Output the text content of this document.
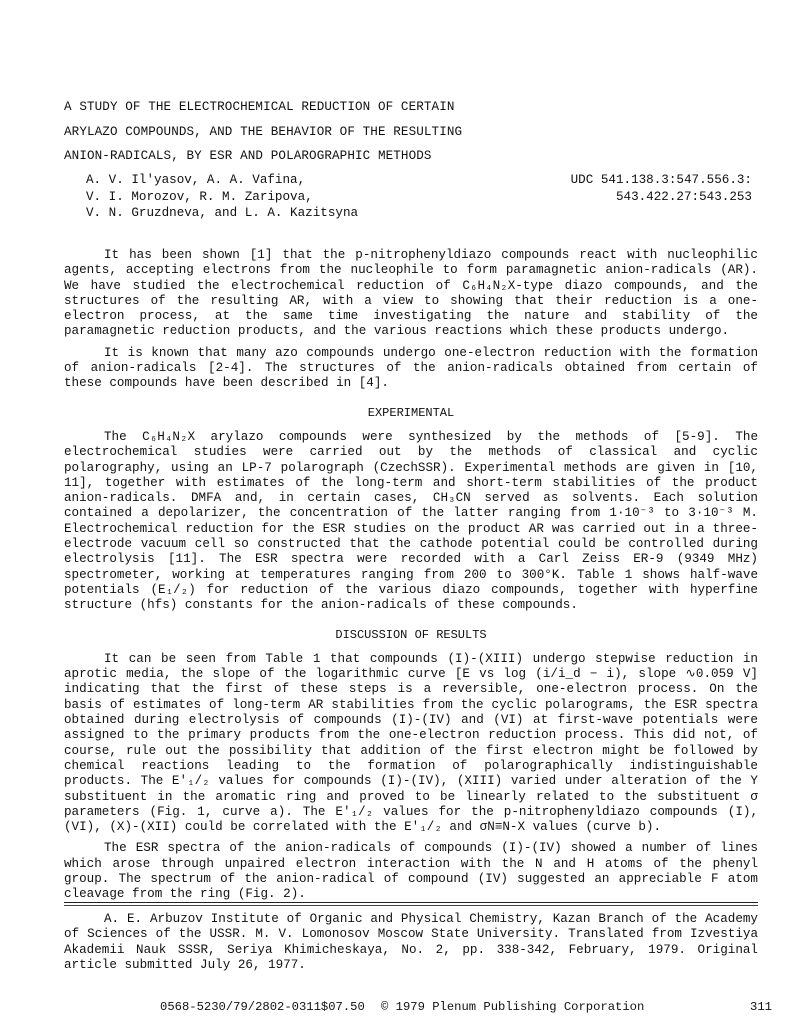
A STUDY OF THE ELECTROCHEMICAL REDUCTION OF CERTAIN
ARYLAZO COMPOUNDS, AND THE BEHAVIOR OF THE RESULTING
ANION-RADICALS, BY ESR AND POLAROGRAPHIC METHODS
A. V. Il'yasov, A. A. Vafina,
V. I. Morozov, R. M. Zaripova,
V. N. Gruzdneva, and L. A. Kazitsyna
UDC 541.138.3:547.556.3:
543.422.27:543.253

It has been shown [1] that the p-nitrophenyldiazo compounds react with nucleophilic agents, accepting electrons from the nucleophile to form paramagnetic anion-radicals (AR). We have studied the electrochemical reduction of C₆H₄N₂X-type diazo compounds, and the structures of the resulting AR, with a view to showing that their reduction is a one-electron process, at the same time investigating the nature and stability of the paramagnetic reduction products, and the various reactions which these products undergo.

It is known that many azo compounds undergo one-electron reduction with the formation of anion-radicals [2-4]. The structures of the anion-radicals obtained from certain of these compounds have been described in [4].

EXPERIMENTAL

The C₆H₄N₂X arylazo compounds were synthesized by the methods of [5-9]. The electrochemical studies were carried out by the methods of classical and cyclic polarography, using an LP-7 polarograph (CzechSSR). Experimental methods are given in [10, 11], together with estimates of the long-term and short-term stabilities of the product anion-radicals. DMFA and, in certain cases, CH₃CN served as solvents. Each solution contained a depolarizer, the concentration of the latter ranging from 1·10⁻³ to 3·10⁻³ M. Electrochemical reduction for the ESR studies on the product AR was carried out in a three-electrode vacuum cell so constructed that the cathode potential could be controlled during electrolysis [11]. The ESR spectra were recorded with a Carl Zeiss ER-9 (9349 MHz) spectrometer, working at temperatures ranging from 200 to 300°K. Table 1 shows half-wave potentials (E₁/₂) for reduction of the various diazo compounds, together with hyperfine structure (hfs) constants for the anion-radicals of these compounds.

DISCUSSION OF RESULTS

It can be seen from Table 1 that compounds (I)-(XIII) undergo stepwise reduction in aprotic media, the slope of the logarithmic curve [E vs log (i/i_d − i), slope ∿0.059 V] indicating that the first of these steps is a reversible, one-electron process. On the basis of estimates of long-term AR stabilities from the cyclic polarograms, the ESR spectra obtained during electrolysis of compounds (I)-(IV) and (VI) at first-wave potentials were assigned to the primary products from the one-electron reduction process. This did not, of course, rule out the possibility that addition of the first electron might be followed by chemical reactions leading to the formation of polarographically indistinguishable products. The E'₁/₂ values for compounds (I)-(IV), (XIII) varied under alteration of the Y substituent in the aromatic ring and proved to be linearly related to the substituent σ parameters (Fig. 1, curve a). The E'₁/₂ values for the p-nitrophenyldiazo compounds (I), (VI), (X)-(XII) could be correlated with the E'₁/₂ and σN≡N-X values (curve b).

The ESR spectra of the anion-radicals of compounds (I)-(IV) showed a number of lines which arose through unpaired electron interaction with the N and H atoms of the phenyl group. The spectrum of the anion-radical of compound (IV) suggested an appreciable F atom cleavage from the ring (Fig. 2).

A. E. Arbuzov Institute of Organic and Physical Chemistry, Kazan Branch of the Academy of Sciences of the USSR. M. V. Lomonosov Moscow State University. Translated from Izvestiya Akademii Nauk SSSR, Seriya Khimicheskaya, No. 2, pp. 338-342, February, 1979. Original article submitted July 26, 1977.

0568-5230/79/2802-0311$07.50 © 1979 Plenum Publishing Corporation	311
